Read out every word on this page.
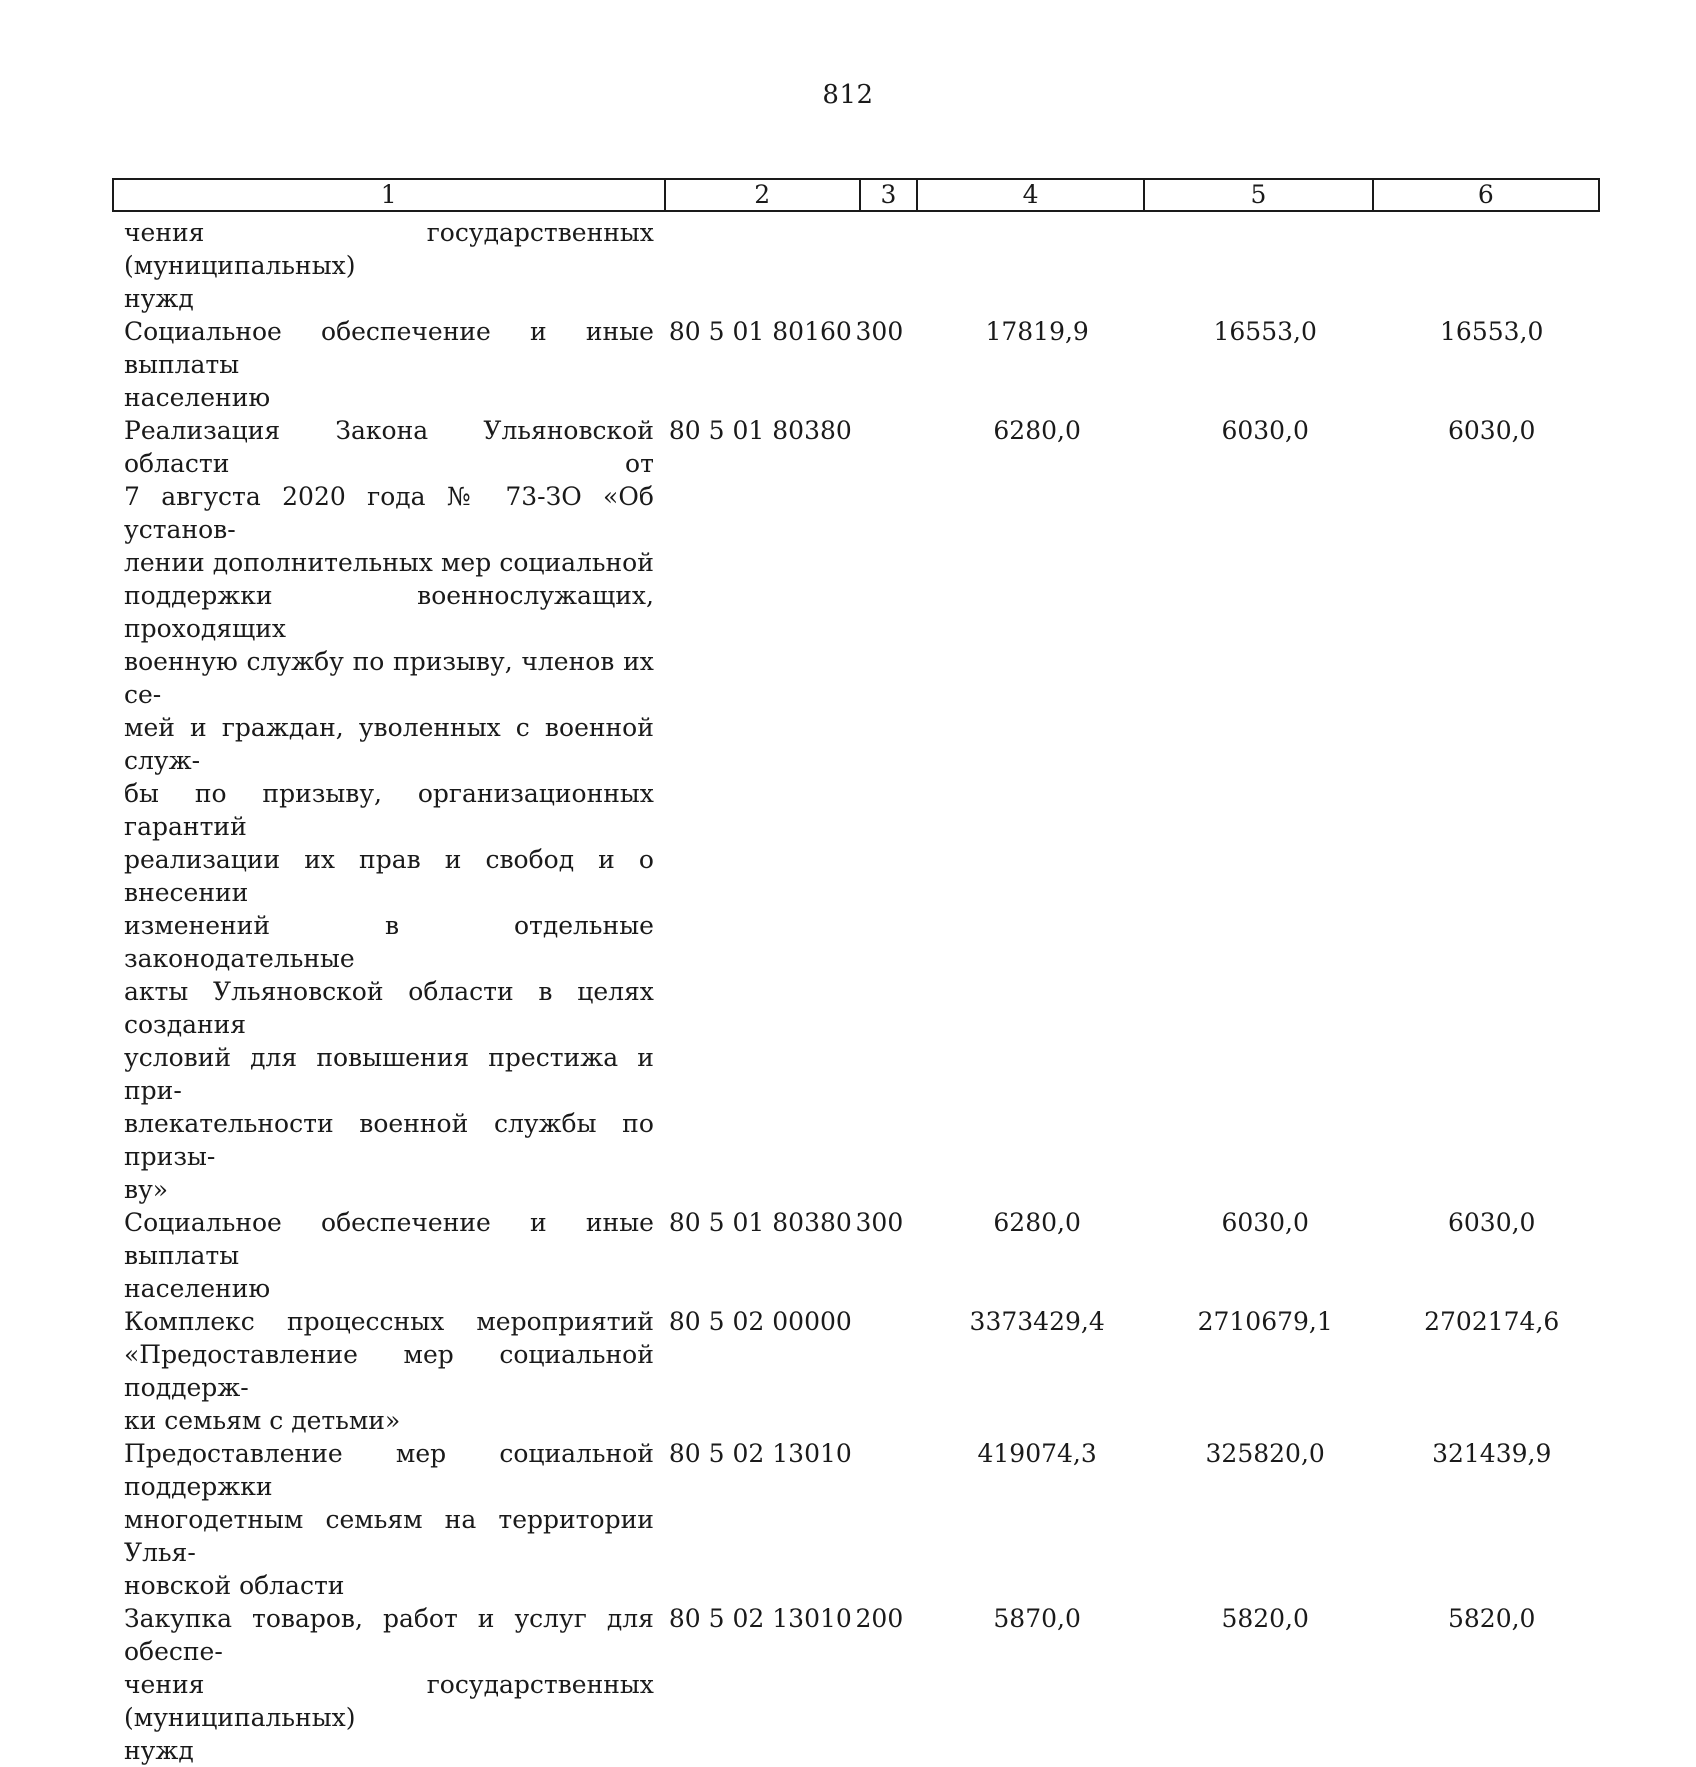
812
1	2	3	4	5	6
чения государственных (муниципальных)
нужд
Социальное обеспечение и иные выплаты
населению
80 5 01 80160 300	17819,9	16553,0	16553,0
Реализация Закона Ульяновской области от
7 августа 2020 года № 73-ЗО «Об установ-
лении дополнительных мер социальной
поддержки военнослужащих, проходящих
военную службу по призыву, членов их се-
мей и граждан, уволенных с военной служ-
бы по призыву, организационных гарантий
реализации их прав и свобод и о внесении
изменений в отдельные законодательные
акты Ульяновской области в целях создания
условий для повышения престижа и при-
влекательности военной службы по призы-
ву»
80 5 01 80380	6280,0	6030,0	6030,0
Социальное обеспечение и иные выплаты
населению
80 5 01 80380 300	6280,0	6030,0	6030,0
Комплекс процессных мероприятий
«Предоставление мер социальной поддерж-
ки семьям с детьми»
80 5 02 00000	3373429,4	2710679,1	2702174,6
Предоставление мер социальной поддержки
многодетным семьям на территории Улья-
новской области
80 5 02 13010	419074,3	325820,0	321439,9
Закупка товаров, работ и услуг для обеспе-
чения государственных (муниципальных)
нужд
80 5 02 13010 200	5870,0	5820,0	5820,0
